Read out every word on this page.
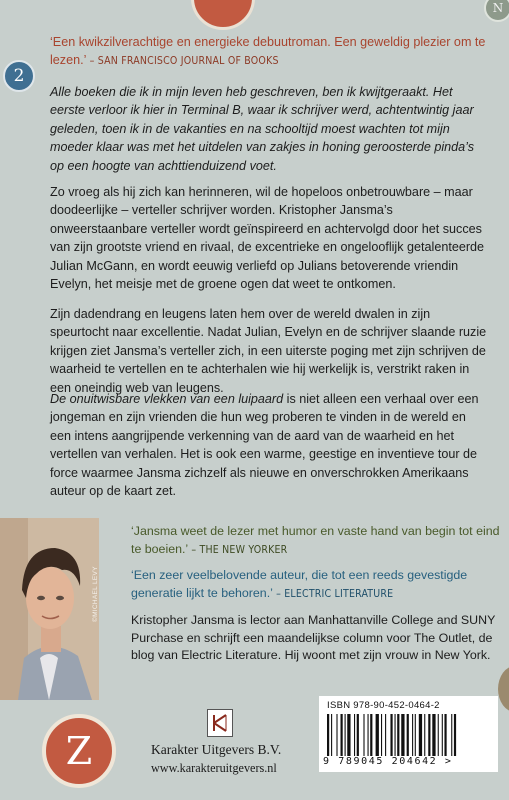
N
2
‘Een kwikzilverachtige en energieke debuutroman. Een geweldig plezier om te lezen.’ – SAN FRANCISCO JOURNAL OF BOOKS
Alle boeken die ik in mijn leven heb geschreven, ben ik kwijtgeraakt. Het eerste verloor ik hier in Terminal B, waar ik schrijver werd, achtentwintig jaar geleden, toen ik in de vakanties en na schooltijd moest wachten tot mijn moeder klaar was met het uitdelen van zakjes in honing geroosterde pinda’s op een hoogte van achttienduizend voet.
Zo vroeg als hij zich kan herinneren, wil de hopeloos onbetrouwbare – maar doodeerlijke – verteller schrijver worden. Kristopher Jansma’s onweerstaanbare verteller wordt geïnspireerd en achtervolgd door het succes van zijn grootste vriend en rivaal, de excentrieke en ongelooflijk getalenteerde Julian McGann, en wordt eeuwig verliefd op Julians betoverende vriendin Evelyn, het meisje met de groene ogen dat weet te ontkomen.
Zijn dadendrang en leugens laten hem over de wereld dwalen in zijn speurtocht naar excellentie. Nadat Julian, Evelyn en de schrijver slaande ruzie krijgen ziet Jansma’s verteller zich, in een uiterste poging met zijn schrijven de waarheid te vertellen en te achterhalen wie hij werkelijk is, verstrikt raken in een oneindig web van leugens.
De onuitwisbare vlekken van een luipaard is niet alleen een verhaal over een jongeman en zijn vrienden die hun weg proberen te vinden in de wereld en een intens aangrijpende verkenning van de aard van de waarheid en het vertellen van verhalen. Het is ook een warme, geestige en inventieve tour de force waarmee Jansma zichzelf als nieuwe en onverschrokken Amerikaans auteur op de kaart zet.
©MICHAEL LEVY
‘Jansma weet de lezer met humor en vaste hand van begin tot eind te boeien.’ – THE NEW YORKER
‘Een zeer veelbelovende auteur, die tot een reeds gevestigde generatie lijkt te behoren.’ – ELECTRIC LITERATURE
Kristopher Jansma is lector aan Manhattanville College and SUNY Purchase en schrijft een maandelijkse column voor The Outlet, de blog van Electric Literature. Hij woont met zijn vrouw in New York.
ISBN 978-90-452-0464-2
9 789045 204642 >
Karakter Uitgevers B.V.
www.karakteruitgevers.nl
Z
